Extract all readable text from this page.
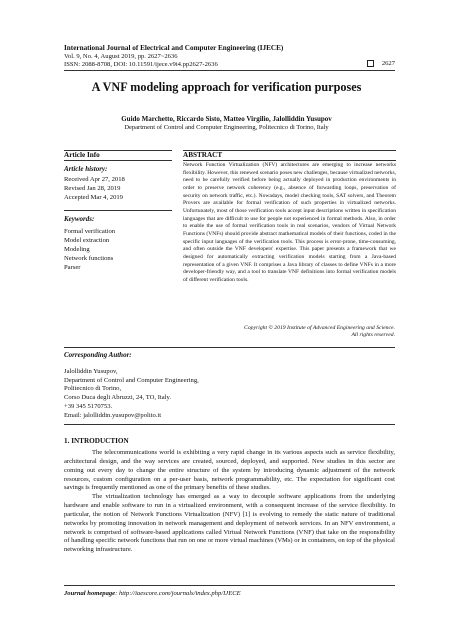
International Journal of Electrical and Computer Engineering (IJECE)
Vol. 9, No. 4, August 2019, pp. 2627~2636
ISSN: 2088-8708, DOI: 10.11591/ijece.v9i4.pp2627-2636	2627
A VNF modeling approach for verification purposes
Guido Marchetto, Riccardo Sisto, Matteo Virgilio, Jalolliddin Yusupov
Department of Control and Computer Engineering, Politecnico di Torino, Italy
Article Info	ABSTRACT
Article history:
Received Apr 27, 2018
Revised Jan 28, 2019
Accepted Mar 4, 2019
Keywords:
Formal verification
Model extraction
Modeling
Network functions
Parser
Network Function Virtualization (NFV) architectures are emerging to increase networks flexibility. However, this renewed scenario poses new challenges, because virtualized networks, need to be carefully verified before being actually deployed in production environments in order to preserve network coherency (e.g., absence of forwarding loops, preservation of security on network traffic, etc.). Nowadays, model checking tools, SAT solvers, and Theorem Provers are available for formal verification of such properties in virtualized networks. Unfortunately, most of those verification tools accept input descriptions written in specification languages that are difficult to use for people not experienced in formal methods. Also, in order to enable the use of formal verification tools in real scenarios, vendors of Virtual Network Functions (VNFs) should provide abstract mathematical models of their functions, coded in the specific input languages of the verification tools. This process is error-prone, time-consuming, and often outside the VNF developers' expertise. This paper presents a framework that we designed for automatically extracting verification models starting from a Java-based representation of a given VNF. It comprises a Java library of classes to define VNFs in a more developer-friendly way, and a tool to translate VNF definitions into formal verification models of different verification tools.
Copyright © 2019 Institute of Advanced Engineering and Science.
All rights reserved.
Corresponding Author:
Jalolliddin Yusupov,
Department of Control and Computer Engineering,
Politecnico di Torino,
Corso Duca degli Abruzzi, 24, TO, Italy.
+39 345 5170753.
Email: jalolliddin.yusupov@polito.it
1. INTRODUCTION

The telecommunications world is exhibiting a very rapid change in its various aspects such as service flexibility, architectural design, and the way services are created, sourced, deployed, and supported. New studies in this sector are coming out every day to change the entire structure of the system by introducing dynamic adjustment of the network resources, custom configuration on a per-user basis, network programmability, etc. The expectation for significant cost savings is frequently mentioned as one of the primary benefits of these studies.

The virtualization technology has emerged as a way to decouple software applications from the underlying hardware and enable software to run in a virtualized environment, with a consequent increase of the service flexibility. In particular, the notion of Network Functions Virtualization (NFV) [1] is evolving to remedy the static nature of traditional networks by promoting innovation in network management and deployment of network services. In an NFV environment, a network is comprised of software-based applications called Virtual Network Functions (VNF) that take on the responsibility of handling specific network functions that run on one or more virtual machines (VMs) or in containers, on top of the physical networking infrastructure.

Journal homepage: http://iaescore.com/journals/index.php/IJECE
